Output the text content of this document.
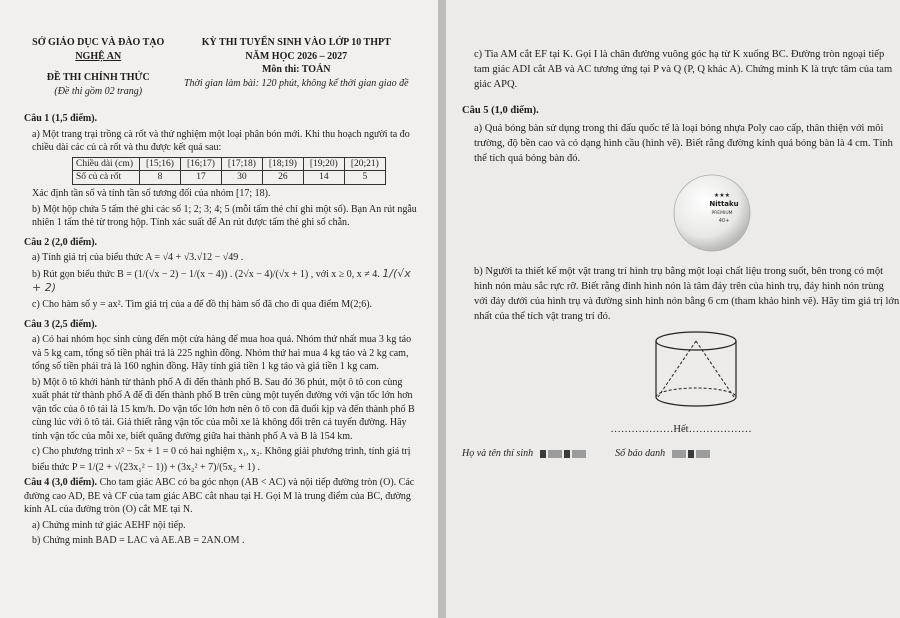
SỞ GIÁO DỤC VÀ ĐÀO TẠO
NGHỆ AN
ĐỀ THI CHÍNH THỨC
(Đề thi gồm 02 trang)
KỲ THI TUYỂN SINH VÀO LỚP 10 THPT
NĂM HỌC 2026 – 2027
Môn thi: TOÁN
Thời gian làm bài: 120 phút, không kể thời gian giao đề
Câu 1 (1,5 điểm).
a) Một trang trại trồng cà rốt và thử nghiệm một loại phân bón mới. Khi thu hoạch người ta đo chiều dài các củ cà rốt và thu được kết quả sau:
Chiều dài (cm)	[15;16)	[16;17)	[17;18)	[18;19)	[19;20)	[20;21)
Số củ cà rốt	8	17	30	26	14	5
Xác định tần số và tính tần số tương đối của nhóm [17; 18).
b) Một hộp chứa 5 tấm thẻ ghi các số 1; 2; 3; 4; 5 (mỗi tấm thẻ chỉ ghi một số). Bạn An rút ngẫu nhiên 1 tấm thẻ từ trong hộp. Tính xác suất để An rút được tấm thẻ ghi số chẵn.
Câu 2 (2,0 điểm).
a) Tính giá trị của biểu thức A = √4 + √3.√12 − √49 .
b) Rút gọn biểu thức B = (1/(√x − 2) − 1/(x − 4)) . (2√x − 4)/(√x + 1) , với x ≥ 0, x ≠ 4. 1/(√x + 2)
c) Cho hàm số y = ax². Tìm giá trị của a để đồ thị hàm số đã cho đi qua điểm M(2;6).
Câu 3 (2,5 điểm).
a) Có hai nhóm học sinh cùng đến một cửa hàng để mua hoa quả. Nhóm thứ nhất mua 3 kg táo và 5 kg cam, tổng số tiền phải trả là 225 nghìn đồng. Nhóm thứ hai mua 4 kg táo và 2 kg cam, tổng số tiền phải trả là 160 nghìn đồng. Hãy tính giá tiền 1 kg táo và giá tiền 1 kg cam.
b) Một ô tô khởi hành từ thành phố A đi đến thành phố B. Sau đó 36 phút, một ô tô con cùng xuất phát từ thành phố A để đi đến thành phố B trên cùng một tuyến đường với vận tốc lớn hơn vận tốc của ô tô tải là 15 km/h. Do vận tốc lớn hơn nên ô tô con đã đuổi kịp và đến thành phố B cùng lúc với ô tô tải. Giả thiết rằng vận tốc của mỗi xe là không đổi trên cả tuyến đường. Hãy tính vận tốc của mỗi xe, biết quãng đường giữa hai thành phố A và B là 154 km.
c) Cho phương trình x² − 5x + 1 = 0 có hai nghiệm x₁, x₂. Không giải phương trình, tính giá trị
biểu thức P = 1/(2 + √(23x₁² − 1)) + (3x₂² + 7)/(5x₂ + 1) .
Câu 4 (3,0 điểm). Cho tam giác ABC có ba góc nhọn (AB < AC) và nội tiếp đường tròn (O). Các đường cao AD, BE và CF của tam giác ABC cắt nhau tại H. Gọi M là trung điểm của BC, đường kính AL của đường tròn (O) cắt ME tại N.
a) Chứng minh tứ giác AEHF nội tiếp.
b) Chứng minh BAD = LAC và AE.AB = 2AN.OM .
c) Tia AM cắt EF tại K. Gọi I là chân đường vuông góc hạ từ K xuống BC. Đường tròn ngoại tiếp tam giác ADI cắt AB và AC tương ứng tại P và Q (P, Q khác A). Chứng minh K là trực tâm của tam giác APQ.
Câu 5 (1,0 điểm).
a) Quả bóng bàn sử dụng trong thi đấu quốc tế là loại bóng nhựa Poly cao cấp, thân thiện với môi trường, độ bền cao và có dạng hình cầu (hình vẽ). Biết rằng đường kính quả bóng bàn là 4 cm. Tính thể tích quả bóng bàn đó.
★★★
Nittaku
PREMIUM
40+
b) Người ta thiết kế một vật trang trí hình trụ bằng một loại chất liệu trong suốt, bên trong có một hình nón màu sắc rực rỡ. Biết rằng đỉnh hình nón là tâm đáy trên của hình trụ, đáy hình nón trùng với đáy dưới của hình trụ và đường sinh hình nón bằng 6 cm (tham khảo hình vẽ). Hãy tìm giá trị lớn nhất của thể tích vật trang trí đó.
………………Hết………………
Họ và tên thí sinh	Số báo danh
